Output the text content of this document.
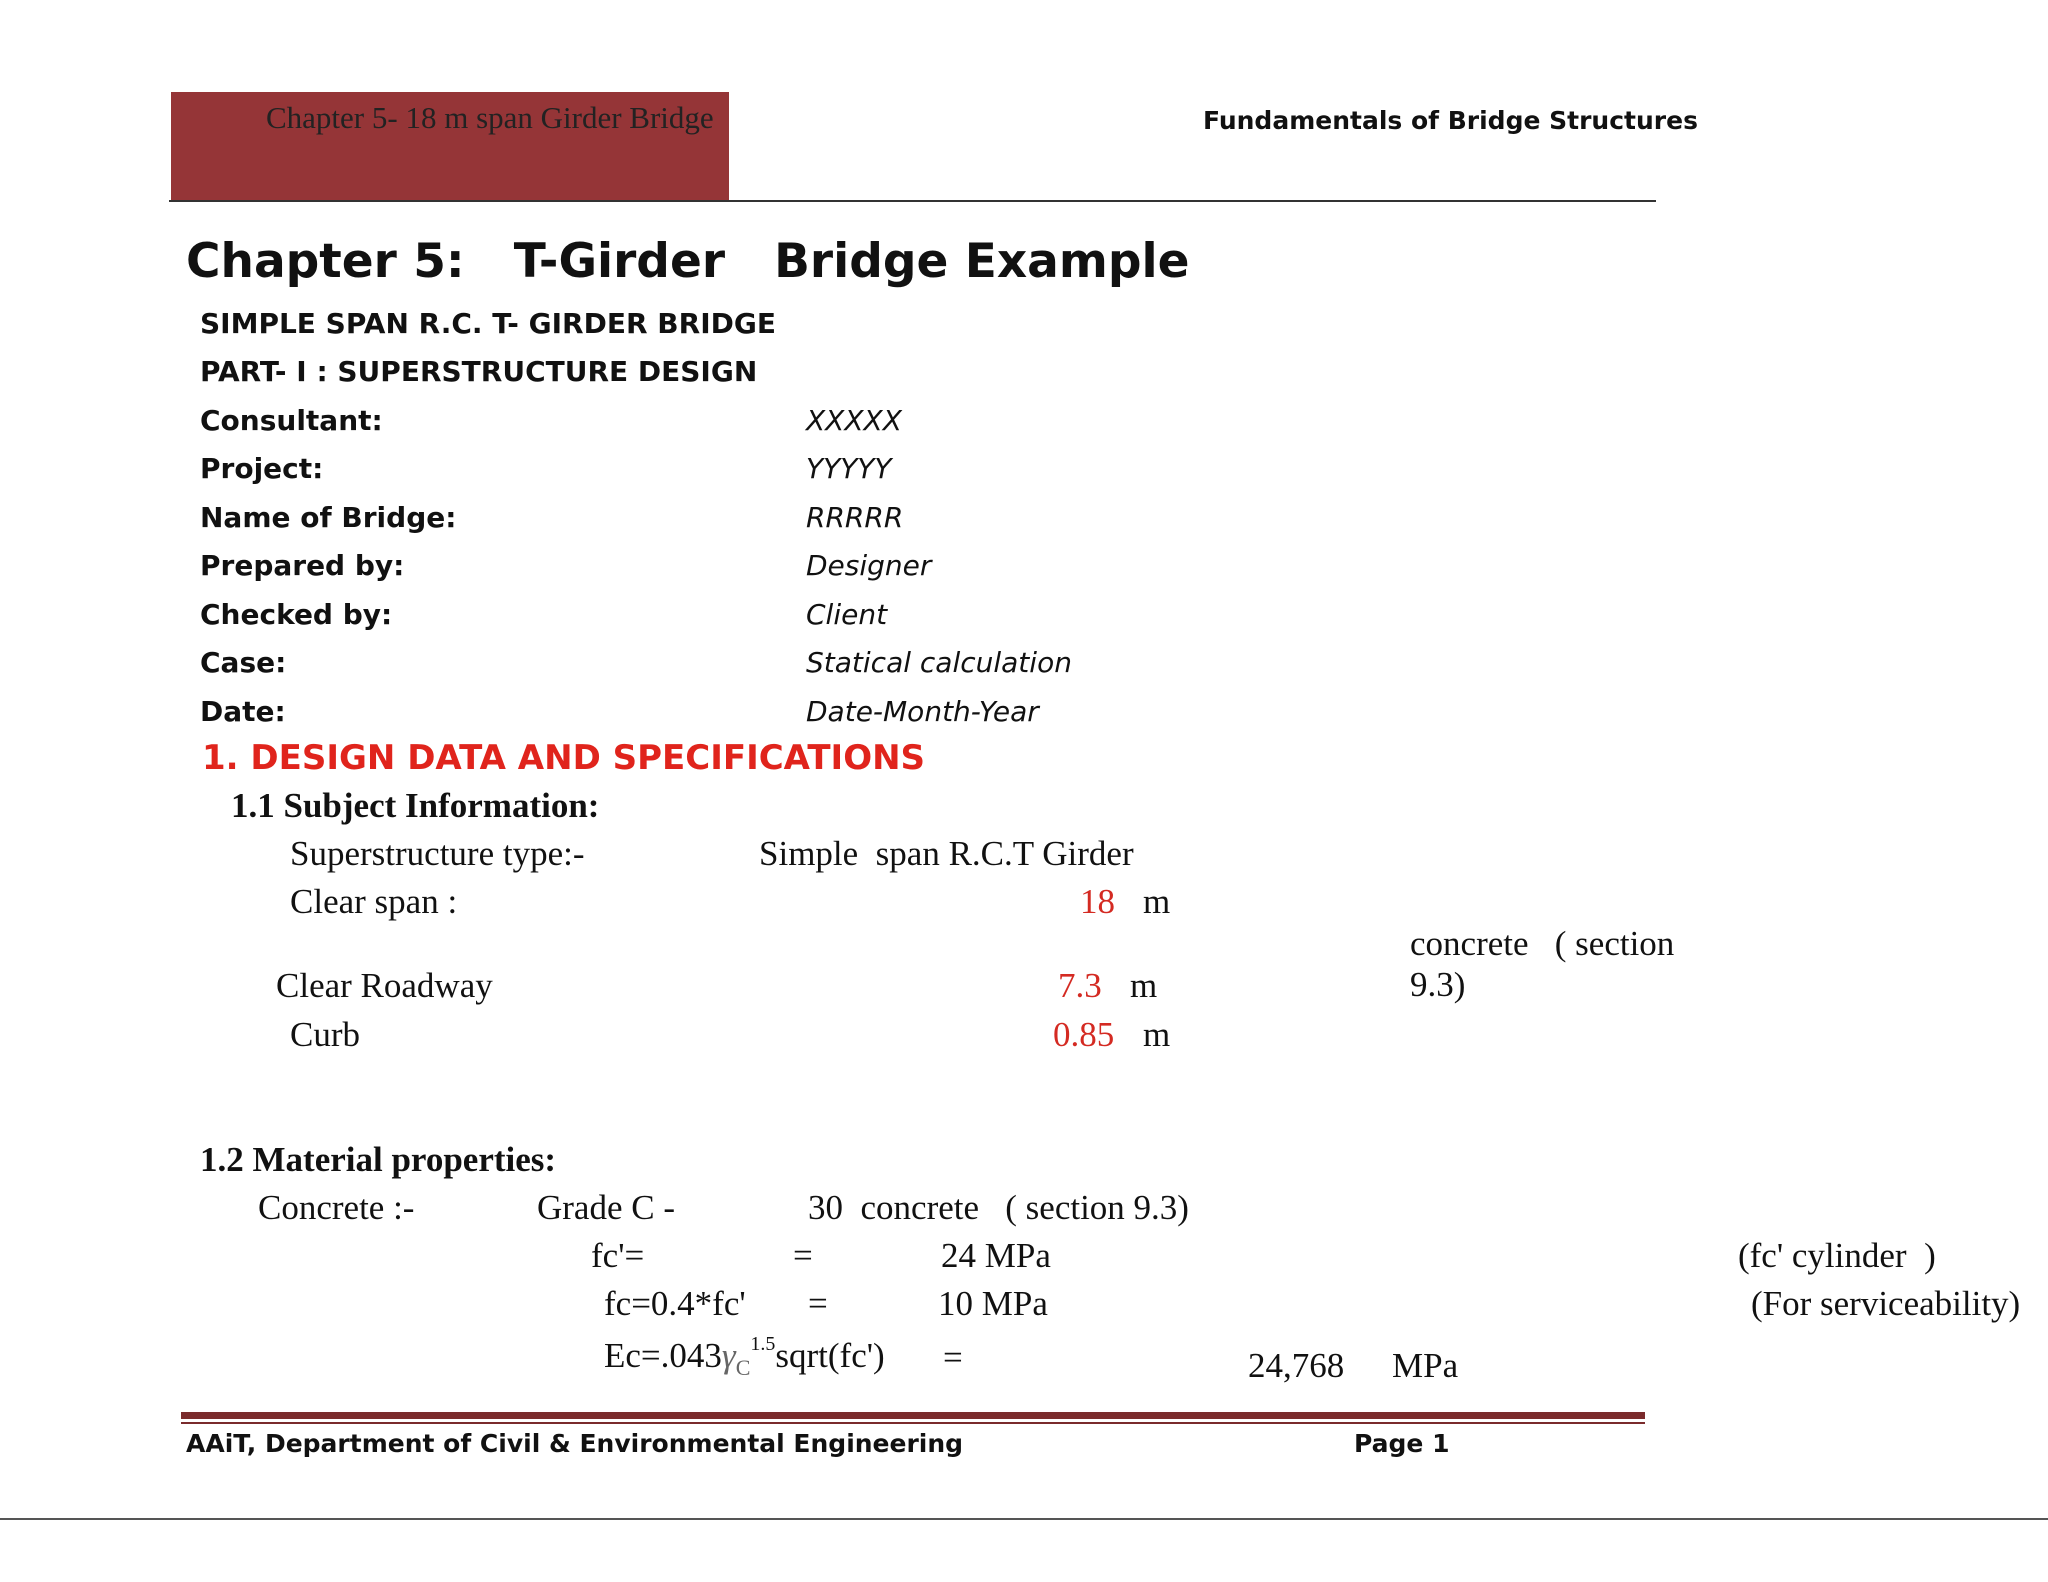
Chapter 5- 18 m span Girder Bridge	Fundamentals of Bridge Structures
Chapter 5:   T-Girder   Bridge Example
SIMPLE SPAN R.C. T- GIRDER BRIDGE
PART- I : SUPERSTRUCTURE DESIGN
Consultant:	XXXXX
Project:	YYYYY
Name of Bridge:	RRRRR
Prepared by:	Designer
Checked by:	Client
Case:	Statical calculation
Date:	Date-Month-Year
1. DESIGN DATA AND SPECIFICATIONS
1.1 Subject Information:
Superstructure type:-	Simple  span R.C.T Girder
Clear span :	18 m
concrete   ( section
9.3)
Clear Roadway	7.3 m
Curb	0.85 m
1.2 Material properties:
Concrete :-	Grade C -	30  concrete   ( section 9.3)
fc'=	=	24 MPa	(fc' cylinder  )
fc=0.4*fc' =	10 MPa	(For serviceability)
$Ec=.043\gamma_C^{1.5}sqrt(fc')$ =	24,768 MPa
AAiT, Department of Civil & Environmental Engineering	Page 1
